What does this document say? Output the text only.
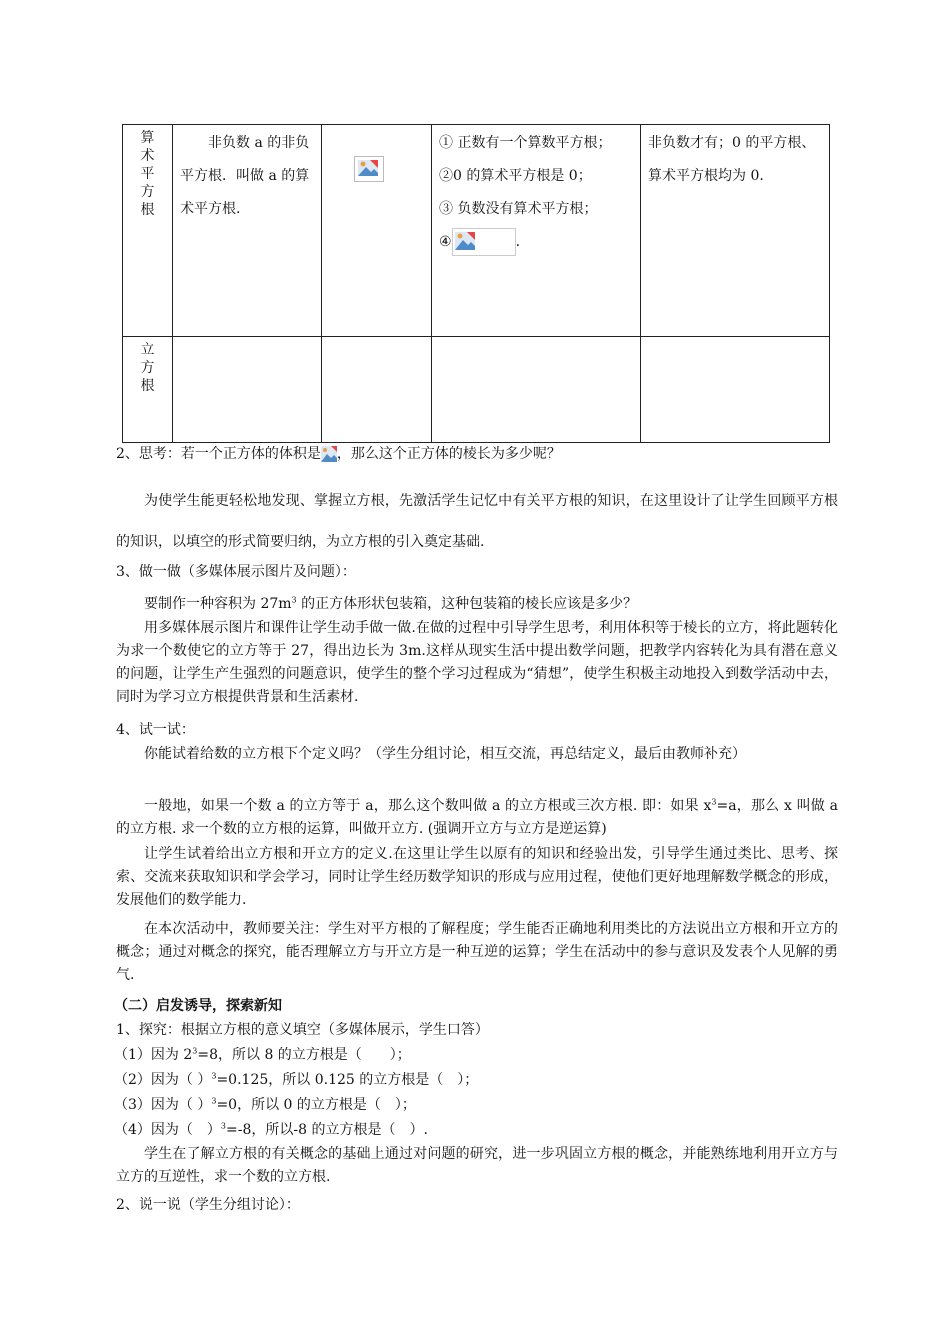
算术平方根	非负数 a 的非负平方根．叫做 a 的算术平方根.		① 正数有一个算数平方根；
②0 的算术平方根是 0；
③ 负数没有算术平方根；
④ .	非负数才有；0 的平方根、算术平方根均为 0.

立方根				
2、思考：若一个正方体的体积是 ，那么这个正方体的棱长为多少呢？
为使学生能更轻松地发现、掌握立方根，先激活学生记忆中有关平方根的知识，在这里设计了让学生回顾平方根的知识，以填空的形式简要归纳，为立方根的引入奠定基础.
3、做一做（多媒体展示图片及问题）：
要制作一种容积为 $27m^3$ 的正方体形状包装箱，这种包装箱的棱长应该是多少？
用多媒体展示图片和课件让学生动手做一做.在做的过程中引导学生思考，利用体积等于棱长的立方，将此题转化为求一个数使它的立方等于 27，得出边长为 3m.这样从现实生活中提出数学问题，把教学内容转化为具有潜在意义的问题，让学生产生强烈的问题意识，使学生的整个学习过程成为“猜想”，使学生积极主动地投入到数学活动中去，同时为学习立方根提供背景和生活素材.
4、试一试：
你能试着给数的立方根下个定义吗？（学生分组讨论，相互交流，再总结定义，最后由教师补充）
一般地，如果一个数 a 的立方等于 a，那么这个数叫做 a 的立方根或三次方根. 即：如果 $x^3=a$，那么 x 叫做 a 的立方根. 求一个数的立方根的运算，叫做开立方. (强调开立方与立方是逆运算)
让学生试着给出立方根和开立方的定义.在这里让学生以原有的知识和经验出发，引导学生通过类比、思考、探索、交流来获取知识和学会学习，同时让学生经历数学知识的形成与应用过程，使他们更好地理解数学概念的形成，发展他们的数学能力.
在本次活动中，教师要关注：学生对平方根的了解程度；学生能否正确地利用类比的方法说出立方根和开立方的概念；通过对概念的探究，能否理解立方与开立方是一种互逆的运算；学生在活动中的参与意识及发表个人见解的勇气.
（二）启发诱导，探索新知
1、探究：根据立方根的意义填空（多媒体展示，学生口答）
（1）因为 $2^3=8$，所以 8 的立方根是（　　）；
（2）因为（ ）$^3$=0.125，所以 0.125 的立方根是（　）；
（3）因为（ ）$^3$=0，所以 0 的立方根是（　）；
（4）因为（　）$^3$=-8，所以-8 的立方根是（　）.
学生在了解立方根的有关概念的基础上通过对问题的研究，进一步巩固立方根的概念，并能熟练地利用开立方与立方的互逆性，求一个数的立方根.
2、说一说（学生分组讨论）：
